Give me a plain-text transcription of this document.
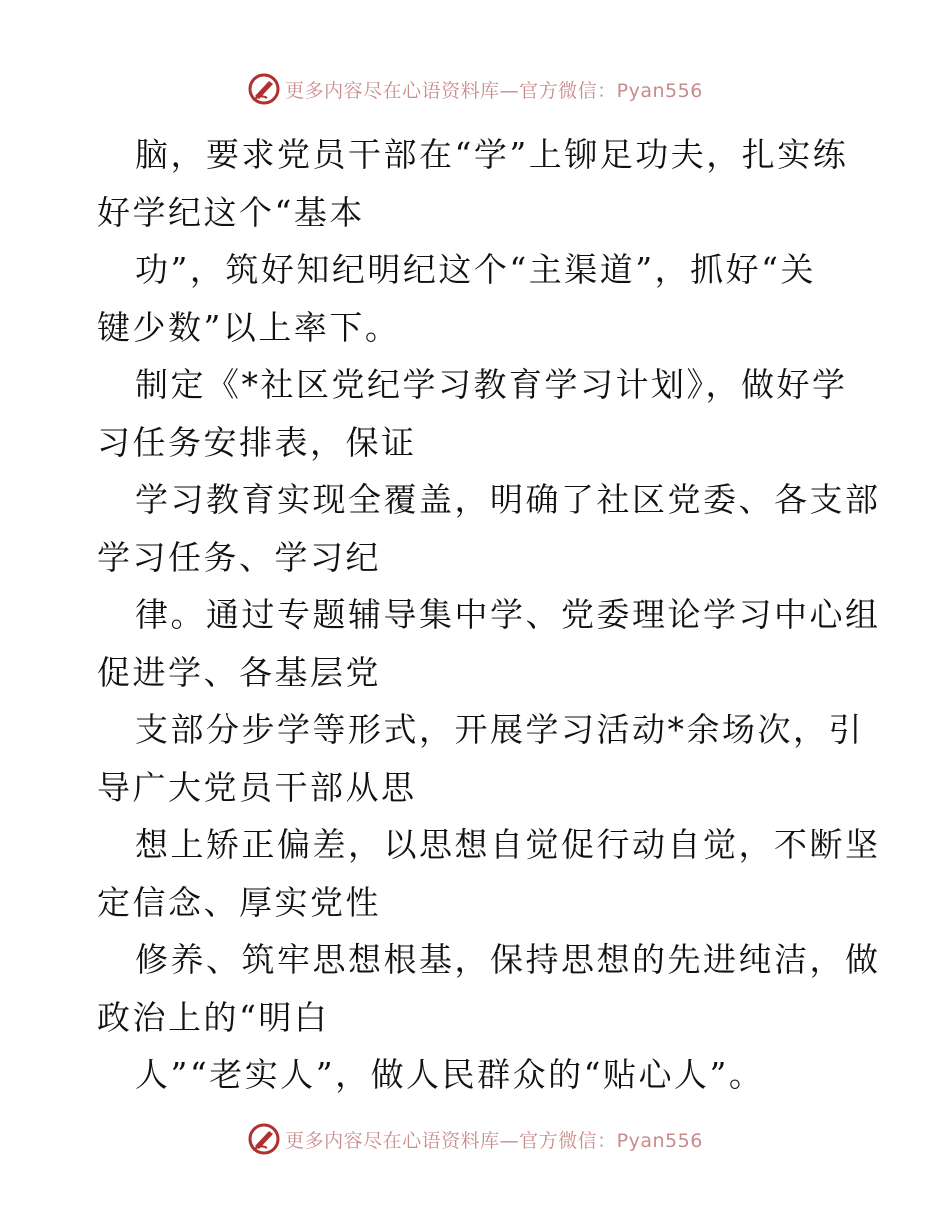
更多内容尽在心语资料库—官方微信：Pyan556

脑，要求党员干部在“学”上铆足功夫，扎实练
好学纪这个“基本

功”，筑好知纪明纪这个“主渠道”，抓好“关
键少数”以上率下。

制定《*社区党纪学习教育学习计划》，做好学
习任务安排表，保证

学习教育实现全覆盖，明确了社区党委、各支部
学习任务、学习纪

律。通过专题辅导集中学、党委理论学习中心组
促进学、各基层党

支部分步学等形式，开展学习活动*余场次，引
导广大党员干部从思

想上矫正偏差，以思想自觉促行动自觉，不断坚
定信念、厚实党性

修养、筑牢思想根基，保持思想的先进纯洁，做
政治上的“明白

人”“老实人”，做人民群众的“贴心人”。

更多内容尽在心语资料库—官方微信：Pyan556
